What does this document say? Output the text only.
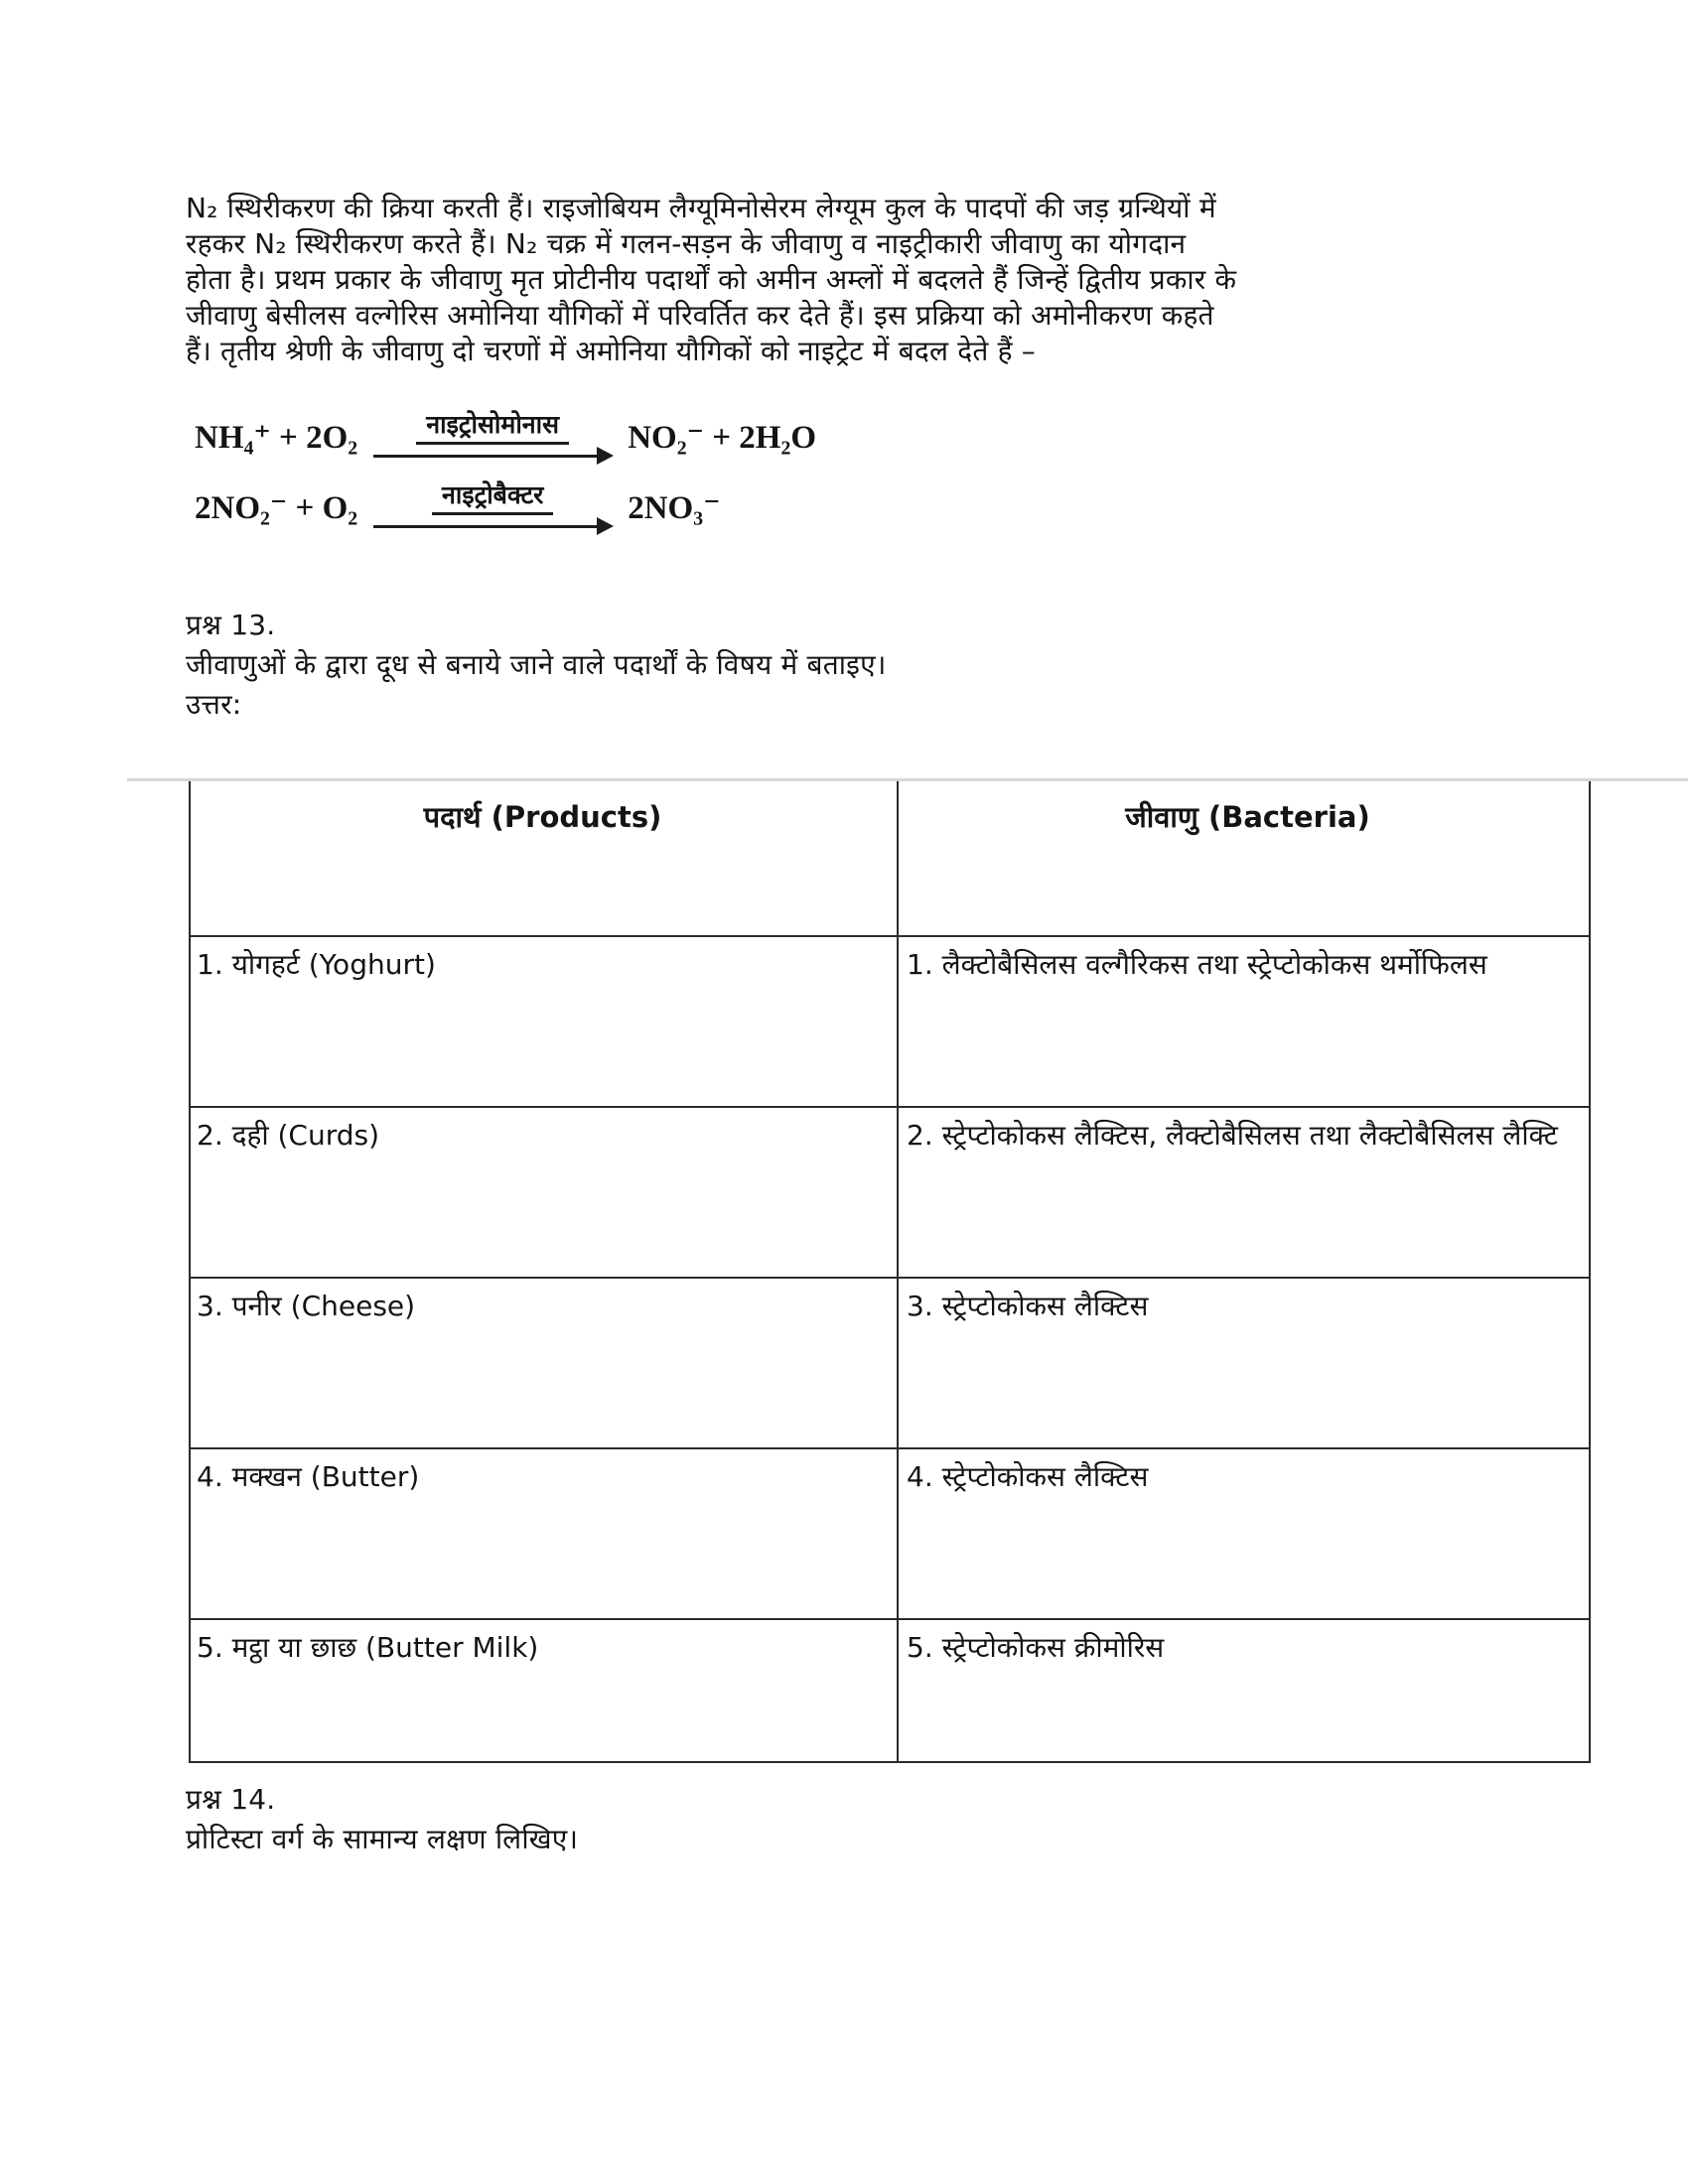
N₂ स्थिरीकरण की क्रिया करती हैं। राइजोबियम लैग्यूमिनोसेरम लेग्यूम कुल के पादपों की जड़ ग्रन्थियों में
रहकर N₂ स्थिरीकरण करते हैं। N₂ चक्र में गलन-सड़न के जीवाणु व नाइट्रीकारी जीवाणु का योगदान
होता है। प्रथम प्रकार के जीवाणु मृत प्रोटीनीय पदार्थों को अमीन अम्लों में बदलते हैं जिन्हें द्वितीय प्रकार के
जीवाणु बेसीलस वल्गेरिस अमोनिया यौगिकों में परिवर्तित कर देते हैं। इस प्रक्रिया को अमोनीकरण कहते
हैं। तृतीय श्रेणी के जीवाणु दो चरणों में अमोनिया यौगिकों को नाइट्रेट में बदल देते हैं –
NH₄⁺ + 2O₂	नाइट्रोसोमोनास	NO₂⁻ + 2H₂O
2NO₂⁻ + O₂	नाइट्रोबैक्टर	2NO₃⁻
प्रश्न 13.
जीवाणुओं के द्वारा दूध से बनाये जाने वाले पदार्थों के विषय में बताइए।
उत्तर:
पदार्थ (Products)	जीवाणु (Bacteria)
1. योगहर्ट (Yoghurt)	1. लैक्टोबैसिलस वल्गैरिकस तथा स्ट्रेप्टोकोकस थर्मोफिलस
2. दही (Curds)	2. स्ट्रेप्टोकोकस लैक्टिस, लैक्टोबैसिलस तथा लैक्टोबैसिलस लैक्टि
3. पनीर (Cheese)	3. स्ट्रेप्टोकोकस लैक्टिस
4. मक्खन (Butter)	4. स्ट्रेप्टोकोकस लैक्टिस
5. मट्ठा या छाछ (Butter Milk)	5. स्ट्रेप्टोकोकस क्रीमोरिस
प्रश्न 14.
प्रोटिस्टा वर्ग के सामान्य लक्षण लिखिए।
